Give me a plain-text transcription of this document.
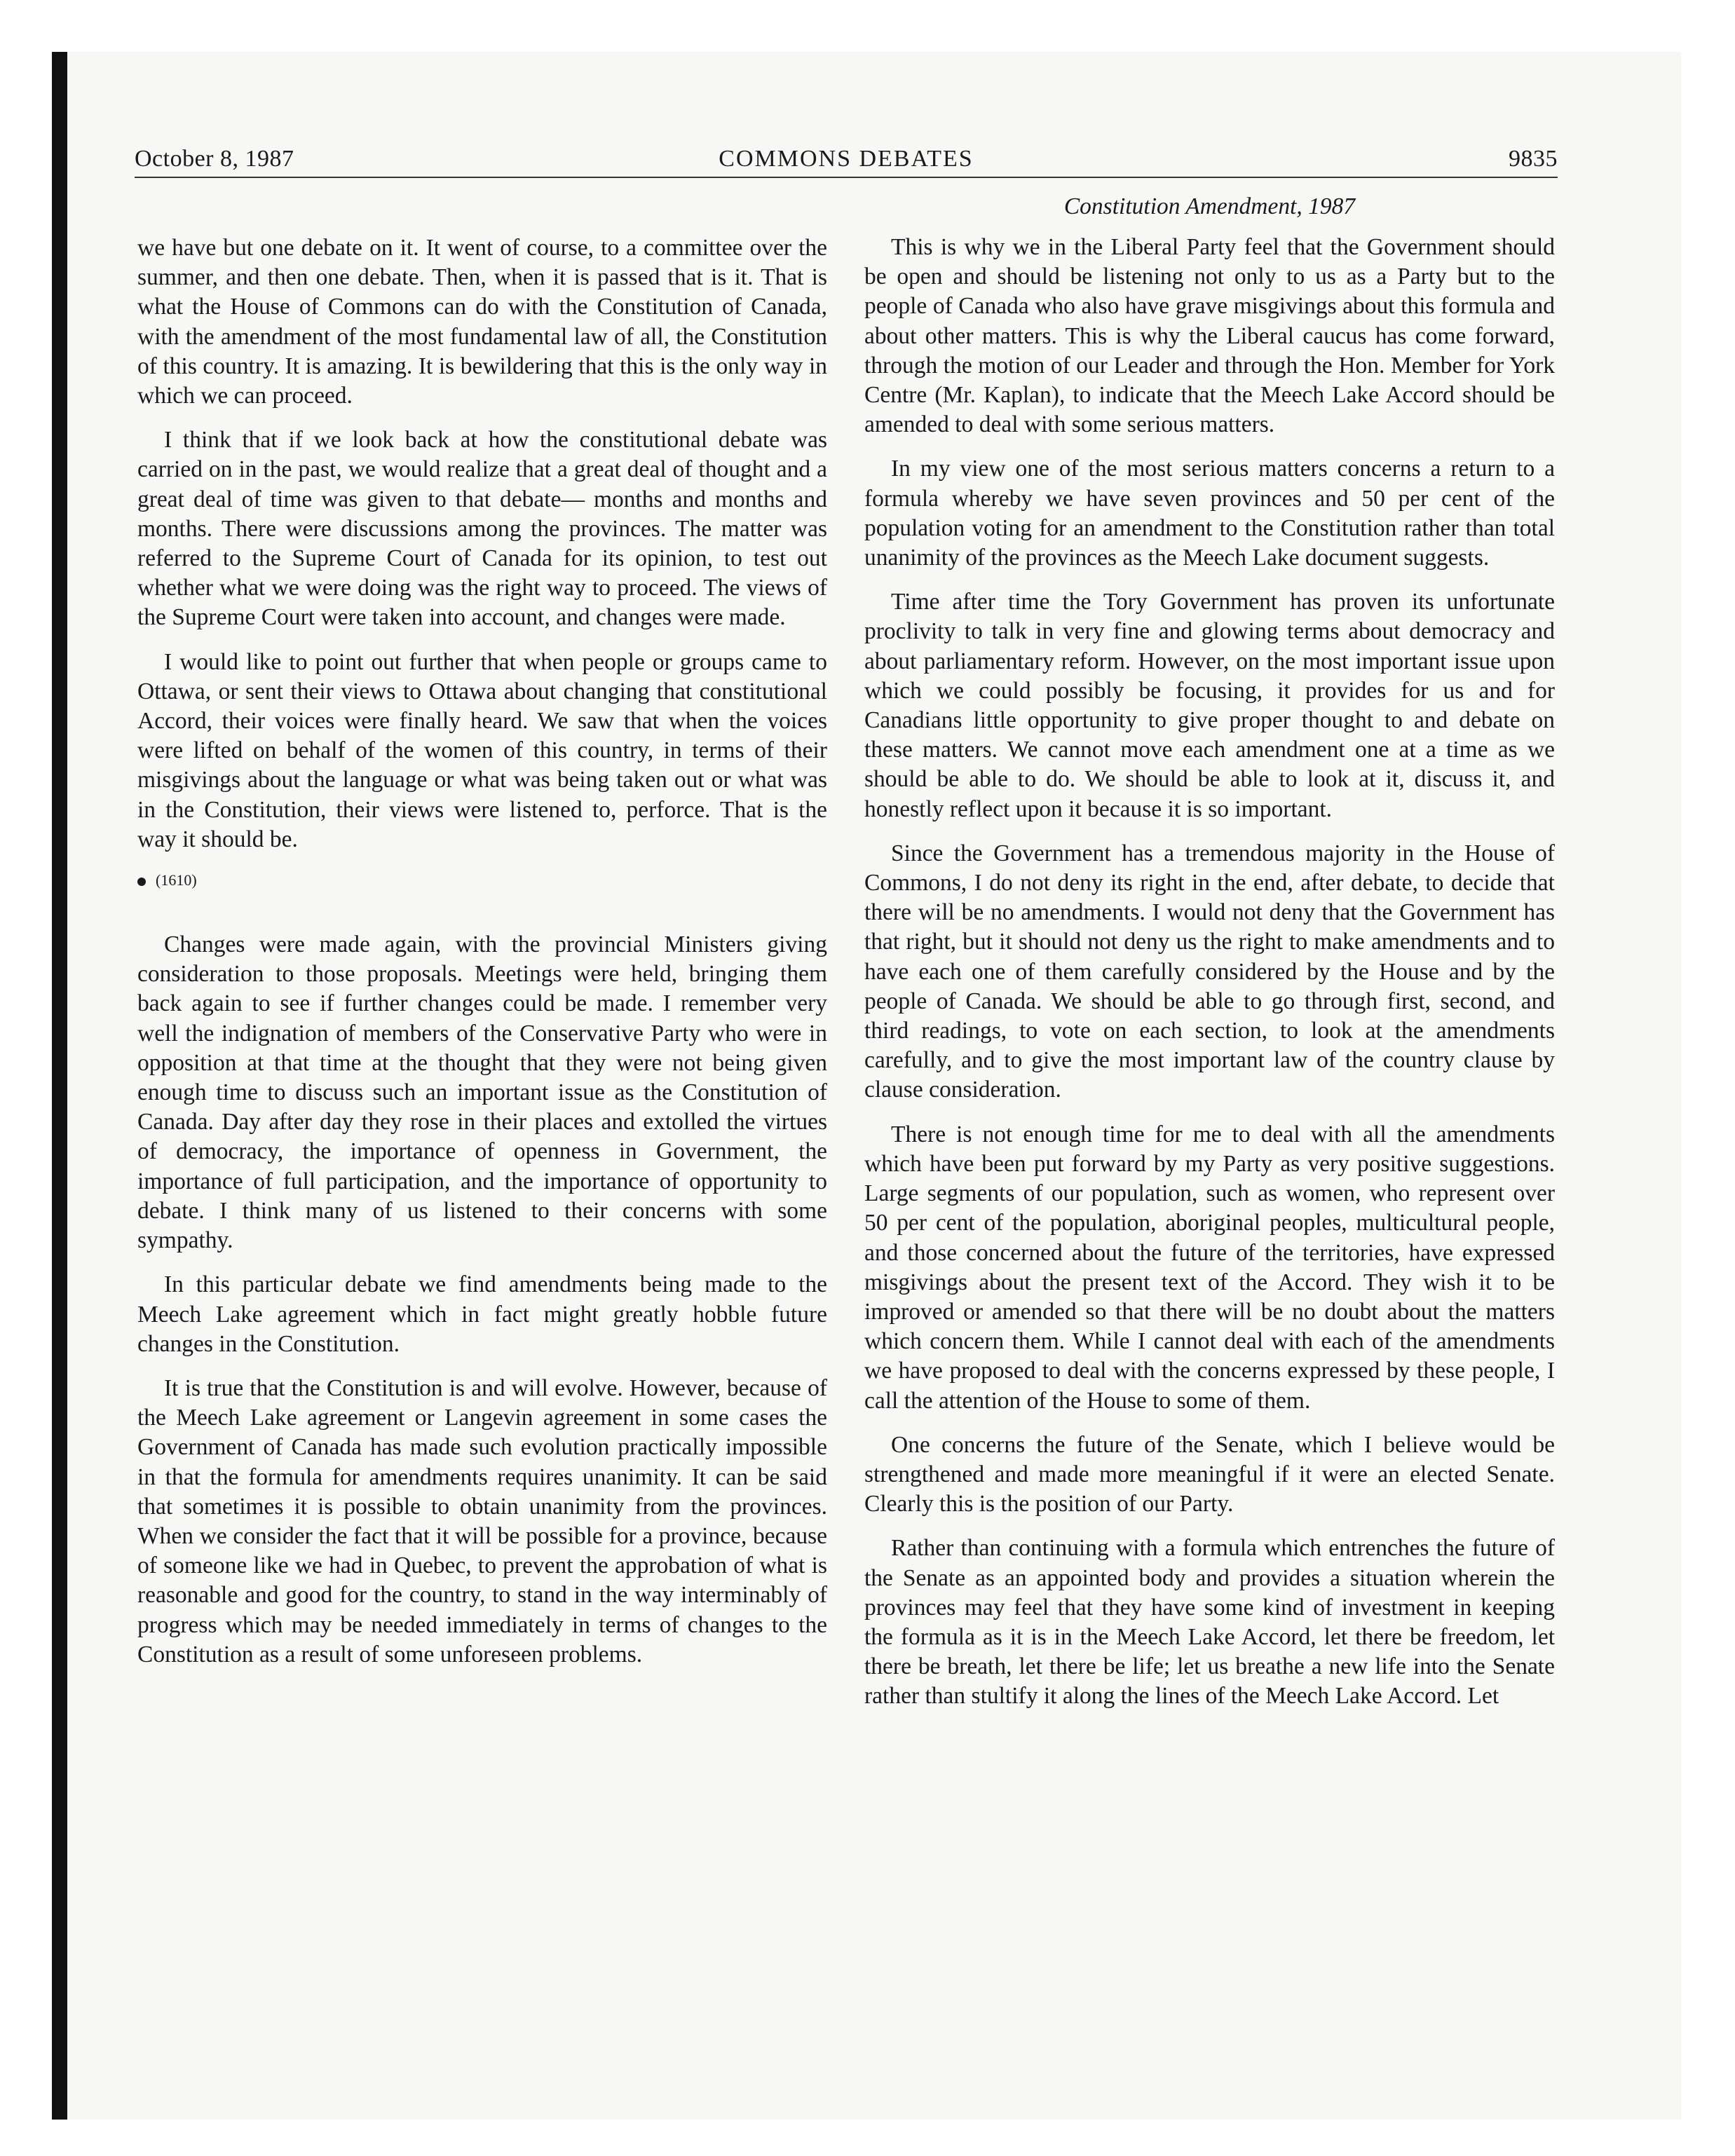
October 8, 1987	COMMONS DEBATES	9835

we have but one debate on it. It went of course, to a committee over the summer, and then one debate. Then, when it is passed that is it. That is what the House of Commons can do with the Constitution of Canada, with the amendment of the most fundamental law of all, the Constitution of this country. It is amazing. It is bewildering that this is the only way in which we can proceed.

I think that if we look back at how the constitutional debate was carried on in the past, we would realize that a great deal of thought and a great deal of time was given to that debate— months and months and months. There were discussions among the provinces. The matter was referred to the Supreme Court of Canada for its opinion, to test out whether what we were doing was the right way to proceed. The views of the Supreme Court were taken into account, and changes were made.

I would like to point out further that when people or groups came to Ottawa, or sent their views to Ottawa about changing that constitutional Accord, their voices were finally heard. We saw that when the voices were lifted on behalf of the women of this country, in terms of their misgivings about the language or what was being taken out or what was in the Constitution, their views were listened to, perforce. That is the way it should be.

(1610)

Changes were made again, with the provincial Ministers giving consideration to those proposals. Meetings were held, bringing them back again to see if further changes could be made. I remember very well the indignation of members of the Conservative Party who were in opposition at that time at the thought that they were not being given enough time to discuss such an important issue as the Constitution of Canada. Day after day they rose in their places and extolled the virtues of democracy, the importance of openness in Government, the importance of full participation, and the importance of opportunity to debate. I think many of us listened to their concerns with some sympathy.

In this particular debate we find amendments being made to the Meech Lake agreement which in fact might greatly hobble future changes in the Constitution.

It is true that the Constitution is and will evolve. However, because of the Meech Lake agreement or Langevin agreement in some cases the Government of Canada has made such evolution practically impossible in that the formula for amendments requires unanimity. It can be said that sometimes it is possible to obtain unanimity from the provinces. When we consider the fact that it will be possible for a province, because of someone like we had in Quebec, to prevent the approbation of what is reasonable and good for the country, to stand in the way interminably of progress which may be needed immediately in terms of changes to the Constitution as a result of some unforeseen problems.

Constitution Amendment, 1987

This is why we in the Liberal Party feel that the Government should be open and should be listening not only to us as a Party but to the people of Canada who also have grave misgivings about this formula and about other matters. This is why the Liberal caucus has come forward, through the motion of our Leader and through the Hon. Member for York Centre (Mr. Kaplan), to indicate that the Meech Lake Accord should be amended to deal with some serious matters.

In my view one of the most serious matters concerns a return to a formula whereby we have seven provinces and 50 per cent of the population voting for an amendment to the Constitution rather than total unanimity of the provinces as the Meech Lake document suggests.

Time after time the Tory Government has proven its unfortunate proclivity to talk in very fine and glowing terms about democracy and about parliamentary reform. However, on the most important issue upon which we could possibly be focusing, it provides for us and for Canadians little opportunity to give proper thought to and debate on these matters. We cannot move each amendment one at a time as we should be able to do. We should be able to look at it, discuss it, and honestly reflect upon it because it is so important.

Since the Government has a tremendous majority in the House of Commons, I do not deny its right in the end, after debate, to decide that there will be no amendments. I would not deny that the Government has that right, but it should not deny us the right to make amendments and to have each one of them carefully considered by the House and by the people of Canada. We should be able to go through first, second, and third readings, to vote on each section, to look at the amendments carefully, and to give the most important law of the country clause by clause consideration.

There is not enough time for me to deal with all the amendments which have been put forward by my Party as very positive suggestions. Large segments of our population, such as women, who represent over 50 per cent of the population, aboriginal peoples, multicultural people, and those concerned about the future of the territories, have expressed misgivings about the present text of the Accord. They wish it to be improved or amended so that there will be no doubt about the matters which concern them. While I cannot deal with each of the amendments we have proposed to deal with the concerns expressed by these people, I call the attention of the House to some of them.

One concerns the future of the Senate, which I believe would be strengthened and made more meaningful if it were an elected Senate. Clearly this is the position of our Party.

Rather than continuing with a formula which entrenches the future of the Senate as an appointed body and provides a situation wherein the provinces may feel that they have some kind of investment in keeping the formula as it is in the Meech Lake Accord, let there be freedom, let there be breath, let there be life; let us breathe a new life into the Senate rather than stultify it along the lines of the Meech Lake Accord. Let
